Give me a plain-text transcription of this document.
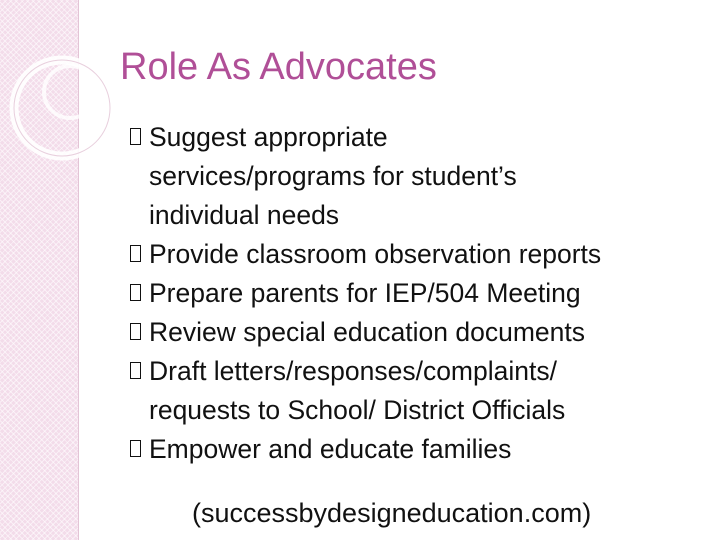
Role As Advocates
Suggest appropriate
services/programs for student’s
individual needs
Provide classroom observation reports
Prepare parents for IEP/504 Meeting
Review special education documents
Draft letters/responses/complaints/
requests to School/ District Officials
Empower and educate families
(successbydesigneducation.com)
